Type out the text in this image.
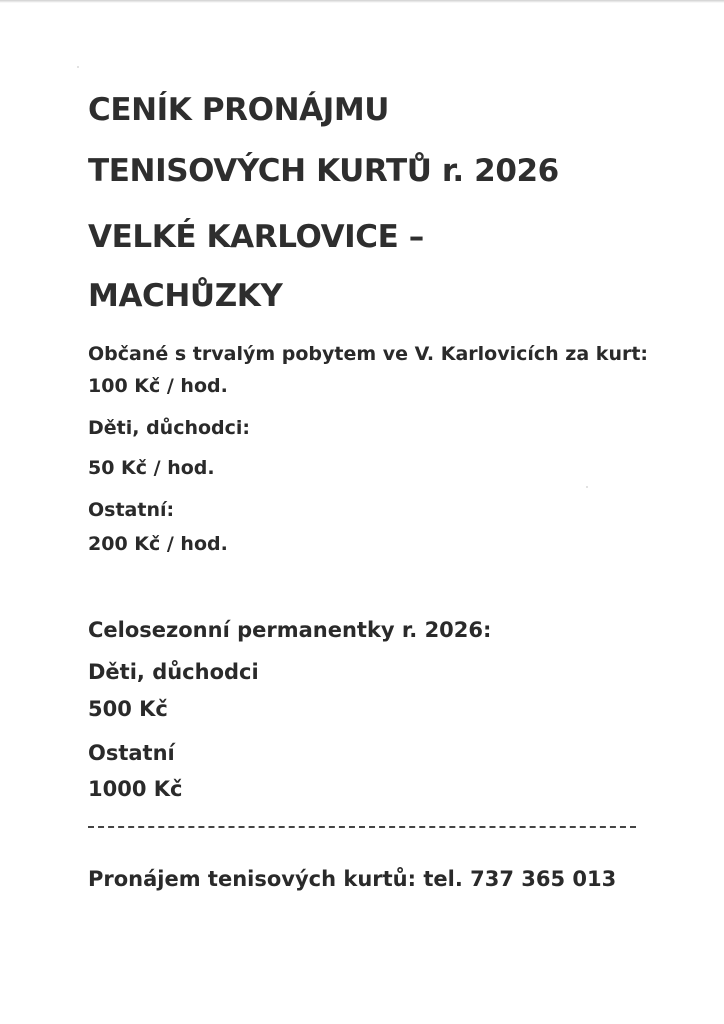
CENÍK PRONÁJMU
TENISOVÝCH KURTŮ r. 2026
VELKÉ KARLOVICE –
MACHŮZKY

Občané s trvalým pobytem ve V. Karlovicích za kurt:

100 Kč / hod.

Děti, důchodci:

50 Kč / hod.

Ostatní:

200 Kč / hod.

Celosezonní permanentky r. 2026:

Děti, důchodci

500 Kč

Ostatní

1000 Kč

Pronájem tenisových kurtů: tel. 737 365 013
